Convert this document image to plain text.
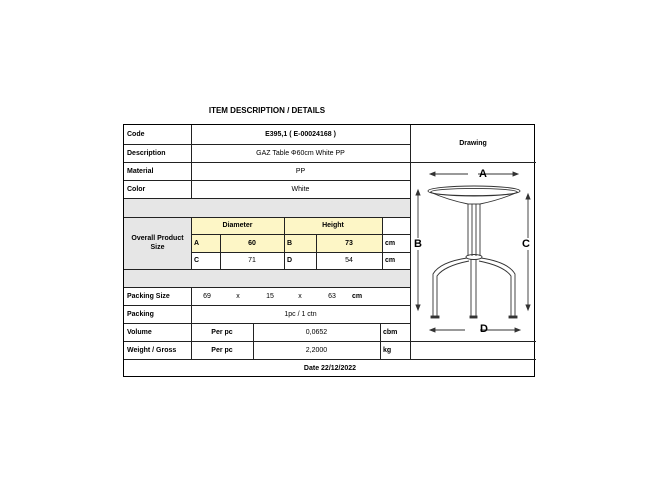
ITEM DESCRIPTION / DETAILS
Code	E395,1 ( E-00024168 )
Description	GAZ Table Φ60cm White PP
Material	PP
Color	White
Overall Product Size
Diameter	Height
A	60	B	73	cm
C	71	D	54	cm
Packing Size	69	x	15	x	63	cm
Packing	1pc / 1 ctn
Volume	Per pc	0,0652	cbm
Weight / Gross	Per pc	2,2000	kg
Drawing
A
B	C
D
Date 22/12/2022
